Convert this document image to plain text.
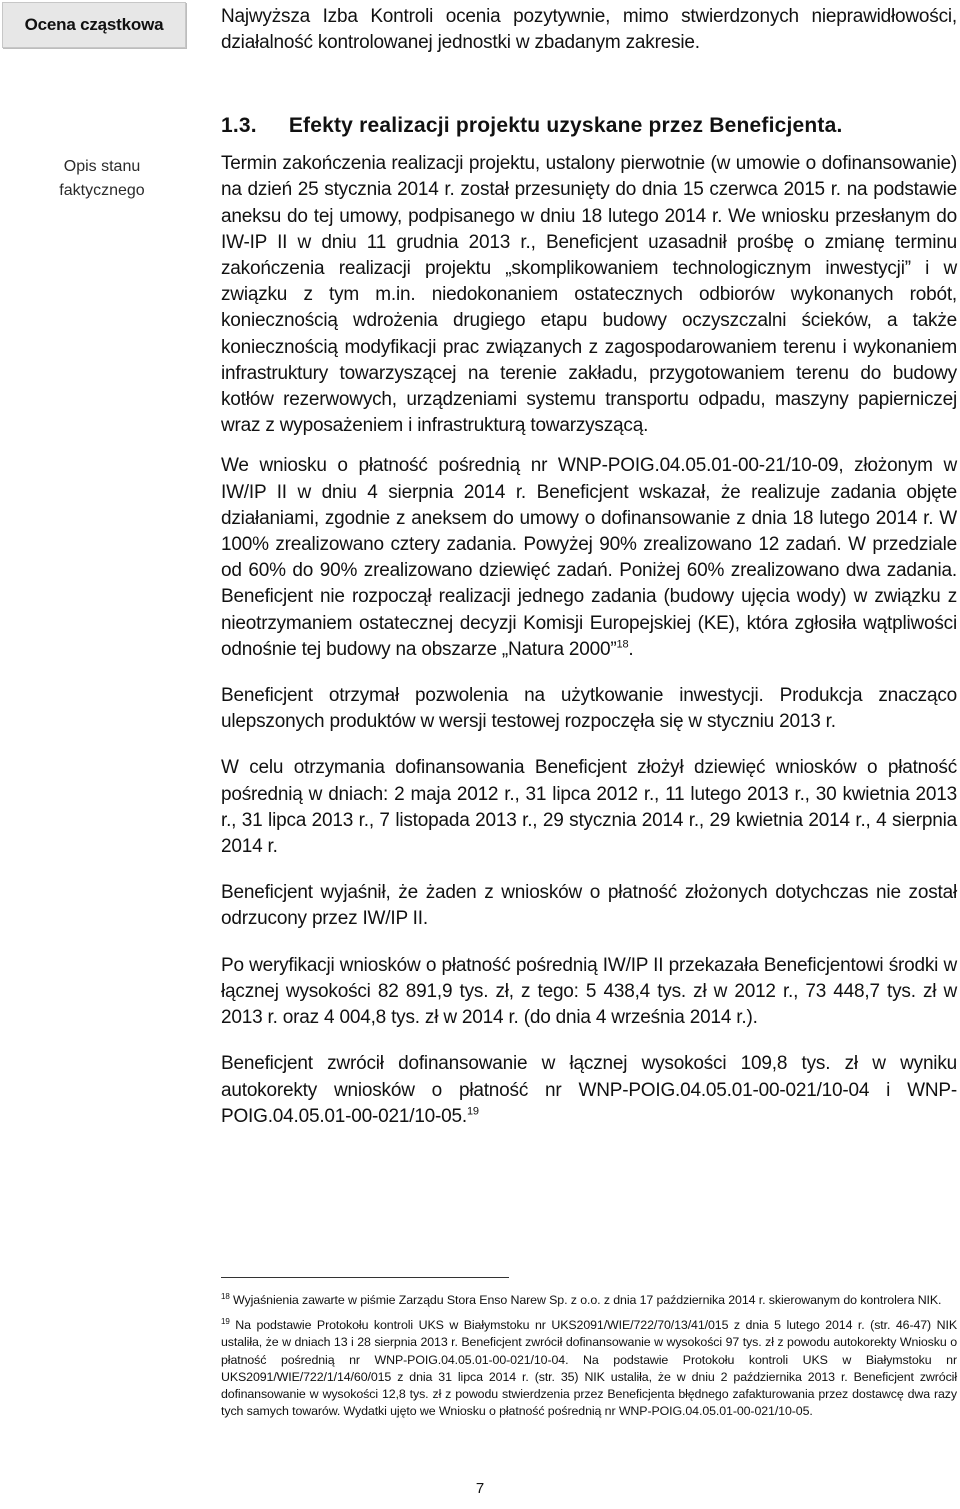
Ocena cząstkowa
Opis stanu
faktycznego

Najwyższa Izba Kontroli ocenia pozytywnie, mimo stwierdzonych nieprawidłowości, działalność kontrolowanej jednostki w zbadanym zakresie.

1.3. Efekty realizacji projektu uzyskane przez Beneficjenta.

Termin zakończenia realizacji projektu, ustalony pierwotnie (w umowie o dofinansowanie) na dzień 25 stycznia 2014 r. został przesunięty do dnia 15 czerwca 2015 r. na podstawie aneksu do tej umowy, podpisanego w dniu 18 lutego 2014 r. We wniosku przesłanym do IW-IP II w dniu 11 grudnia 2013 r., Beneficjent uzasadnił prośbę o zmianę terminu zakończenia realizacji projektu „skomplikowaniem technologicznym inwestycji” i w związku z tym m.in. niedokonaniem ostatecznych odbiorów wykonanych robót, koniecznością wdrożenia drugiego etapu budowy oczyszczalni ścieków, a także koniecznością modyfikacji prac związanych z zagospodarowaniem terenu i wykonaniem infrastruktury towarzyszącej na terenie zakładu, przygotowaniem terenu do budowy kotłów rezerwowych, urządzeniami systemu transportu odpadu, maszyny papierniczej wraz z wyposażeniem i infrastrukturą towarzyszącą.

We wniosku o płatność pośrednią nr WNP-POIG.04.05.01-00-21/10-09, złożonym w IW/IP II w dniu 4 sierpnia 2014 r. Beneficjent wskazał, że realizuje zadania objęte działaniami, zgodnie z aneksem do umowy o dofinansowanie z dnia 18 lutego 2014 r. W 100% zrealizowano cztery zadania. Powyżej 90% zrealizowano 12 zadań. W przedziale od 60% do 90% zrealizowano dziewięć zadań. Poniżej 60% zrealizowano dwa zadania. Beneficjent nie rozpoczął realizacji jednego zadania (budowy ujęcia wody) w związku z nieotrzymaniem ostatecznej decyzji Komisji Europejskiej (KE), która zgłosiła wątpliwości odnośnie tej budowy na obszarze „Natura 2000”$^{18}$.

Beneficjent otrzymał pozwolenia na użytkowanie inwestycji. Produkcja znacząco ulepszonych produktów w wersji testowej rozpoczęła się w styczniu 2013 r.

W celu otrzymania dofinansowania Beneficjent złożył dziewięć wniosków o płatność pośrednią w dniach: 2 maja 2012 r., 31 lipca 2012 r., 11 lutego 2013 r., 30 kwietnia 2013 r., 31 lipca 2013 r., 7 listopada 2013 r., 29 stycznia 2014 r., 29 kwietnia 2014 r., 4 sierpnia 2014 r.

Beneficjent wyjaśnił, że żaden z wniosków o płatność złożonych dotychczas nie został odrzucony przez IW/IP II.

Po weryfikacji wniosków o płatność pośrednią IW/IP II przekazała Beneficjentowi środki w łącznej wysokości 82 891,9 tys. zł, z tego: 5 438,4 tys. zł w 2012 r., 73 448,7 tys. zł w 2013 r. oraz 4 004,8 tys. zł w 2014 r. (do dnia 4 września 2014 r.).

Beneficjent zwrócił dofinansowanie w łącznej wysokości 109,8 tys. zł w wyniku autokorekty wniosków o płatność nr WNP-POIG.04.05.01-00-021/10-04 i WNP-POIG.04.05.01-00-021/10-05.19

$^{18}$ Wyjaśnienia zawarte w piśmie Zarządu Stora Enso Narew Sp. z o.o. z dnia 17 października 2014 r. skierowanym do kontrolera NIK.

$^{19}$ Na podstawie Protokołu kontroli UKS w Białymstoku nr UKS2091/WIE/722/70/13/41/015 z dnia 5 lutego 2014 r. (str. 46-47) NIK ustaliła, że w dniach 13 i 28 sierpnia 2013 r. Beneficjent zwrócił dofinansowanie w wysokości 97 tys. zł z powodu autokorekty Wniosku o płatność pośrednią nr WNP-POIG.04.05.01-00-021/10-04. Na podstawie Protokołu kontroli UKS w Białymstoku nr UKS2091/WIE/722/1/14/60/015 z dnia 31 lipca 2014 r. (str. 35) NIK ustaliła, że w dniu 2 października 2013 r. Beneficjent zwrócił dofinansowanie w wysokości 12,8 tys. zł z powodu stwierdzenia przez Beneficjenta błędnego zafakturowania przez dostawcę dwa razy tych samych towarów. Wydatki ujęto we Wniosku o płatność pośrednią nr WNP-POIG.04.05.01-00-021/10-05.

7
